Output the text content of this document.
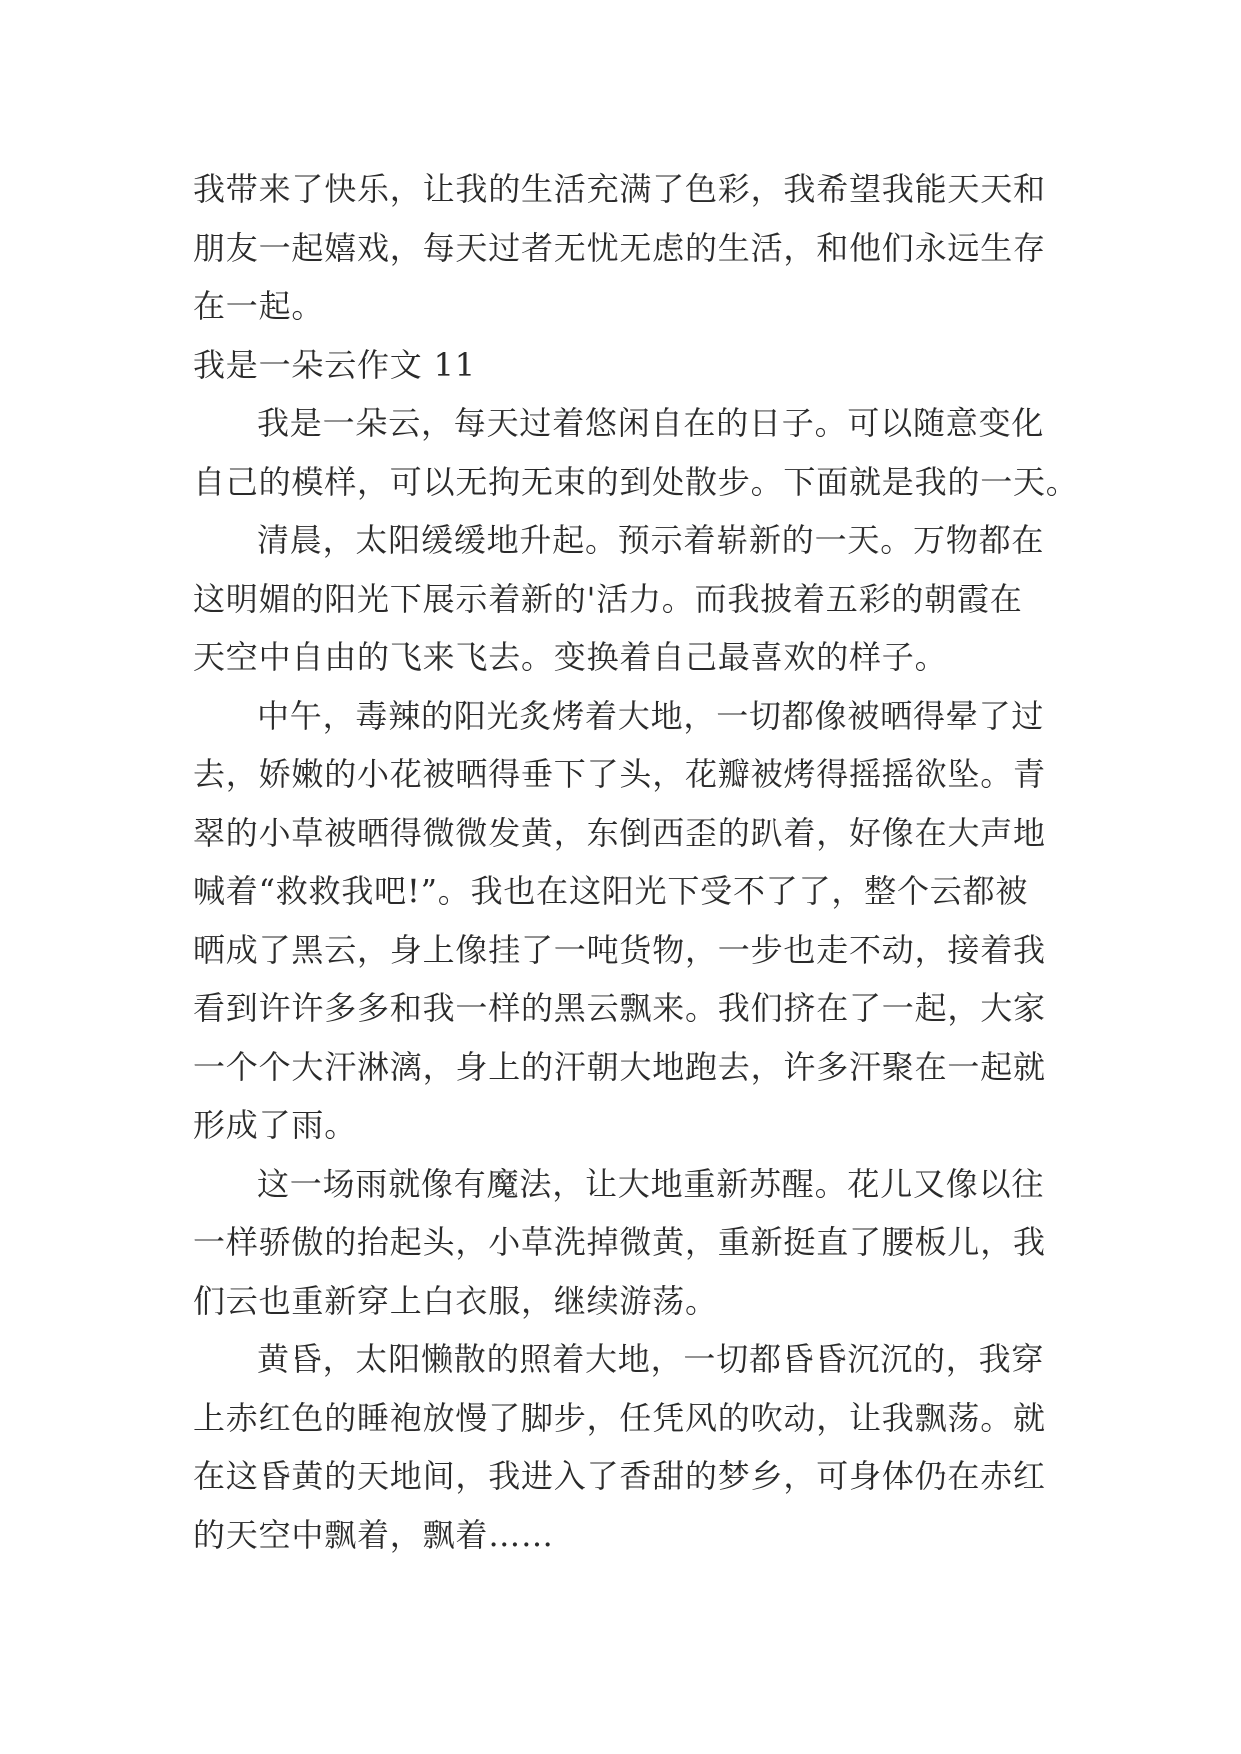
我带来了快乐，让我的生活充满了色彩，我希望我能天天和
朋友一起嬉戏，每天过者无忧无虑的生活，和他们永远生存
在一起。
我是一朵云作文 11
我是一朵云，每天过着悠闲自在的日子。可以随意变化
自己的模样，可以无拘无束的到处散步。下面就是我的一天。
清晨，太阳缓缓地升起。预示着崭新的一天。万物都在
这明媚的阳光下展示着新的'活力。而我披着五彩的朝霞在
天空中自由的飞来飞去。变换着自己最喜欢的样子。
中午，毒辣的阳光炙烤着大地，一切都像被晒得晕了过
去，娇嫩的小花被晒得垂下了头，花瓣被烤得摇摇欲坠。青
翠的小草被晒得微微发黄，东倒西歪的趴着，好像在大声地
喊着“救救我吧!”。我也在这阳光下受不了了，整个云都被
晒成了黑云，身上像挂了一吨货物，一步也走不动，接着我
看到许许多多和我一样的黑云飘来。我们挤在了一起，大家
一个个大汗淋漓，身上的汗朝大地跑去，许多汗聚在一起就
形成了雨。
这一场雨就像有魔法，让大地重新苏醒。花儿又像以往
一样骄傲的抬起头，小草洗掉微黄，重新挺直了腰板儿，我
们云也重新穿上白衣服，继续游荡。
黄昏，太阳懒散的照着大地，一切都昏昏沉沉的，我穿
上赤红色的睡袍放慢了脚步，任凭风的吹动，让我飘荡。就
在这昏黄的天地间，我进入了香甜的梦乡，可身体仍在赤红
的天空中飘着，飘着……
